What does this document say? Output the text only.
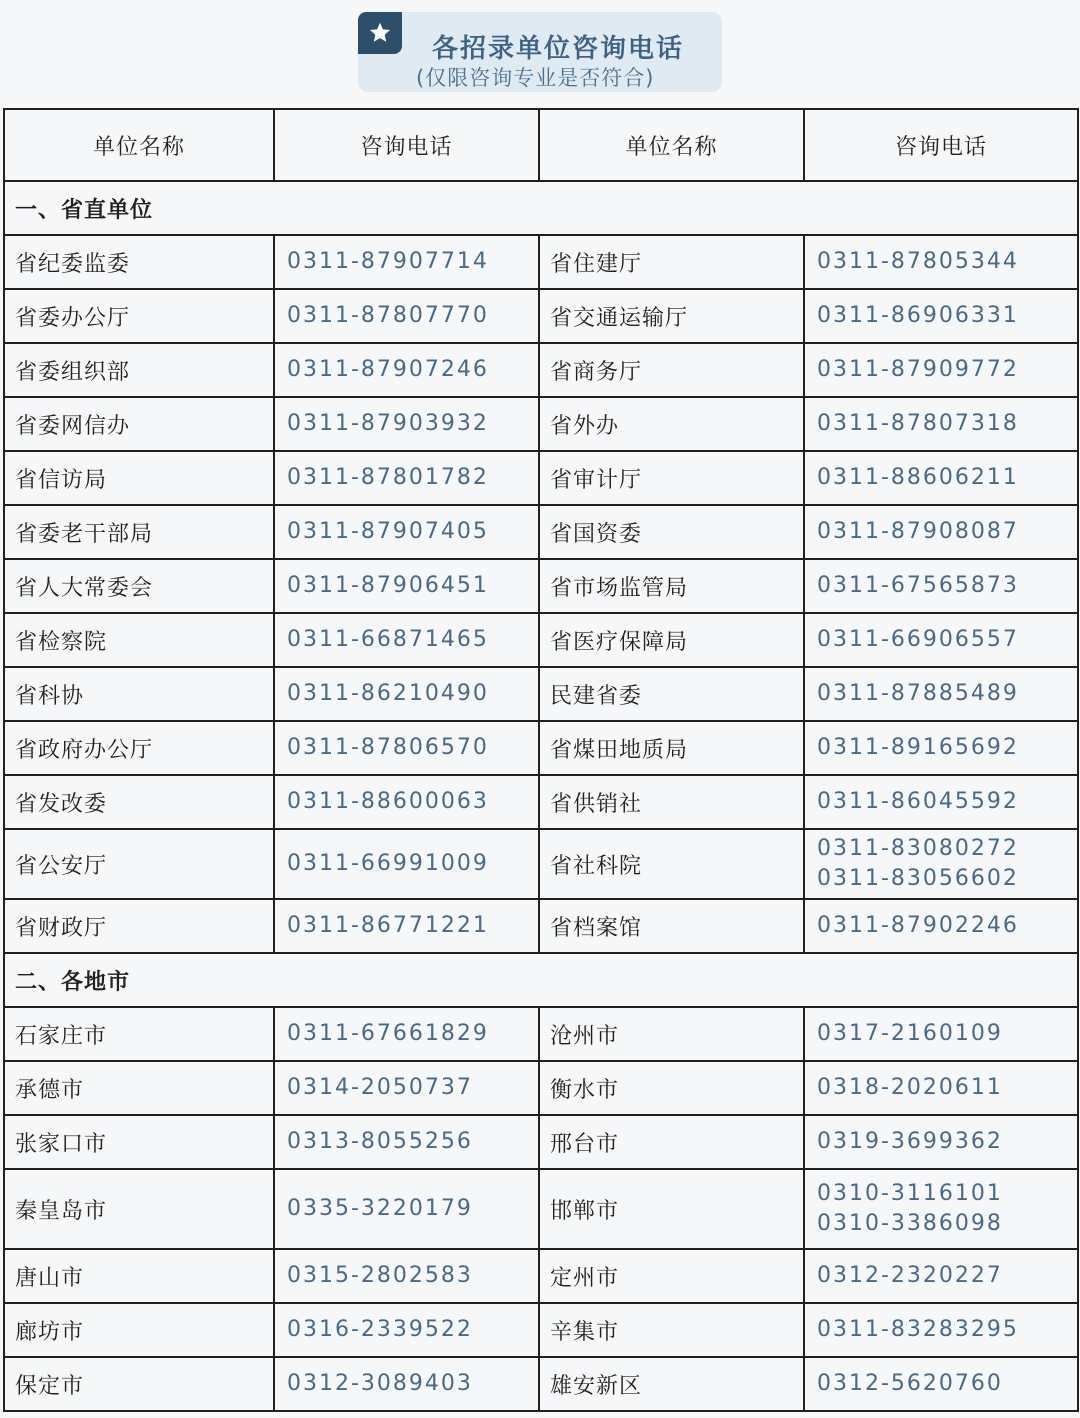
各招录单位咨询电话
(仅限咨询专业是否符合)
单位名称	咨询电话	单位名称	咨询电话
一、省直单位			
省纪委监委	0311-87907714	省住建厅	0311-87805344

省委办公厅	0311-87807770	省交通运输厅	0311-86906331

省委组织部	0311-87907246	省商务厅	0311-87909772

省委网信办	0311-87903932	省外办	0311-87807318

省信访局	0311-87801782	省审计厅	0311-88606211

省委老干部局	0311-87907405	省国资委	0311-87908087

省人大常委会	0311-87906451	省市场监管局	0311-67565873

省检察院	0311-66871465	省医疗保障局	0311-66906557

省科协	0311-86210490	民建省委	0311-87885489

省政府办公厅	0311-87806570	省煤田地质局	0311-89165692

省发改委	0311-88600063	省供销社	0311-86045592

省公安厅	0311-66991009	省社科院	0311-83080272
0311-83056602

省财政厅	0311-86771221	省档案馆	0311-87902246

二、各地市			
石家庄市	0311-67661829	沧州市	0317-2160109

承德市	0314-2050737	衡水市	0318-2020611

张家口市	0313-8055256	邢台市	0319-3699362

秦皇岛市	0335-3220179	邯郸市	0310-3116101
0310-3386098

唐山市	0315-2802583	定州市	0312-2320227

廊坊市	0316-2339522	辛集市	0311-83283295

保定市	0312-3089403	雄安新区	0312-5620760
